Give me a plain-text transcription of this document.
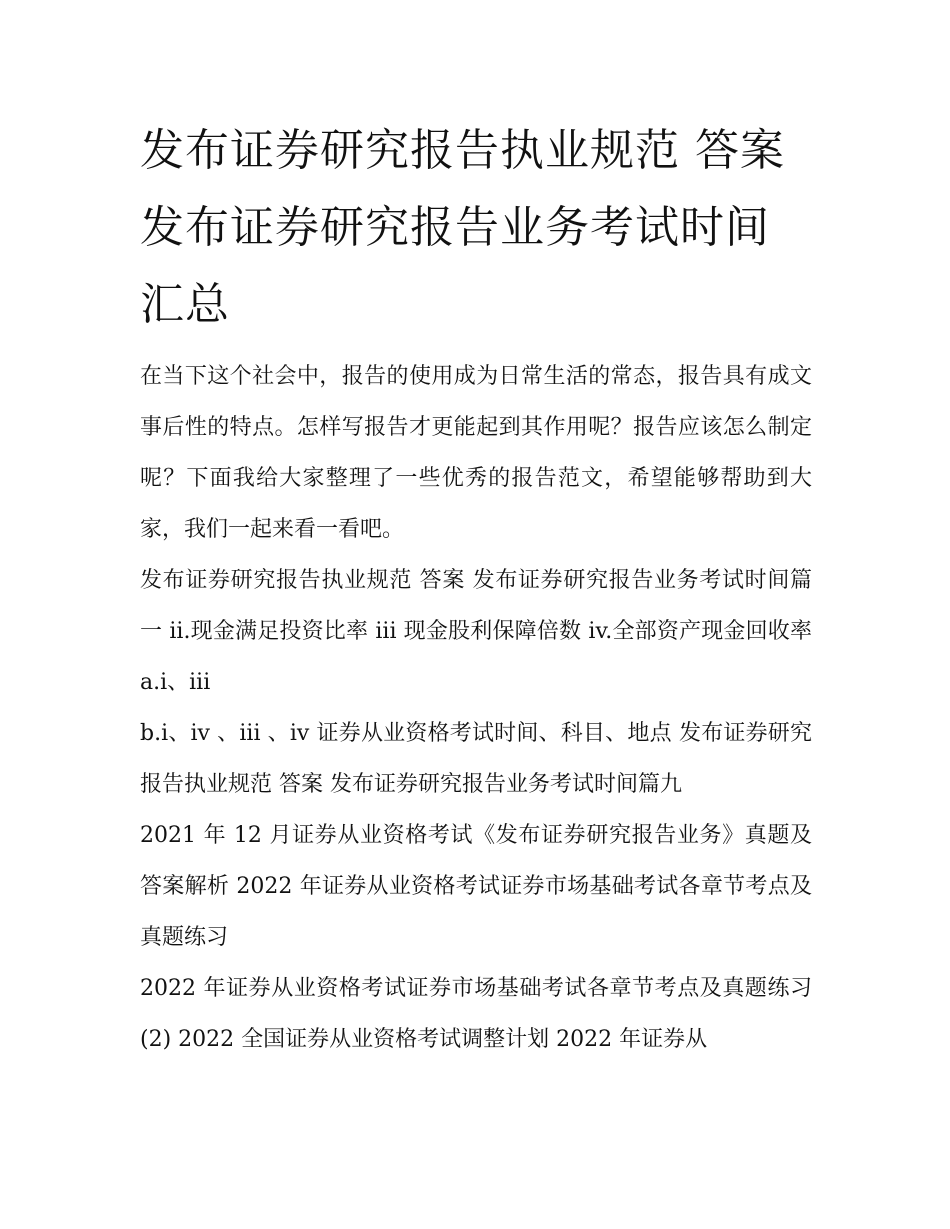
发布证券研究报告执业规范 答案 发布证券研究报告业务考试时间汇总

在当下这个社会中，报告的使用成为日常生活的常态，报告具有成文事后性的特点。怎样写报告才更能起到其作用呢？报告应该怎么制定呢？下面我给大家整理了一些优秀的报告范文，希望能够帮助到大家，我们一起来看一看吧。

发布证券研究报告执业规范 答案 发布证券研究报告业务考试时间篇一 ii.现金满足投资比率 iii 现金股利保障倍数 iv.全部资产现金回收率 a.i、iii

b.i、iv 、iii 、iv 证券从业资格考试时间、科目、地点 发布证券研究报告执业规范 答案 发布证券研究报告业务考试时间篇九

2021 年 12 月证券从业资格考试《发布证券研究报告业务》真题及答案解析 2022 年证券从业资格考试证券市场基础考试各章节考点及真题练习

2022 年证券从业资格考试证券市场基础考试各章节考点及真题练习(2) 2022 全国证券从业资格考试调整计划 2022 年证券从
